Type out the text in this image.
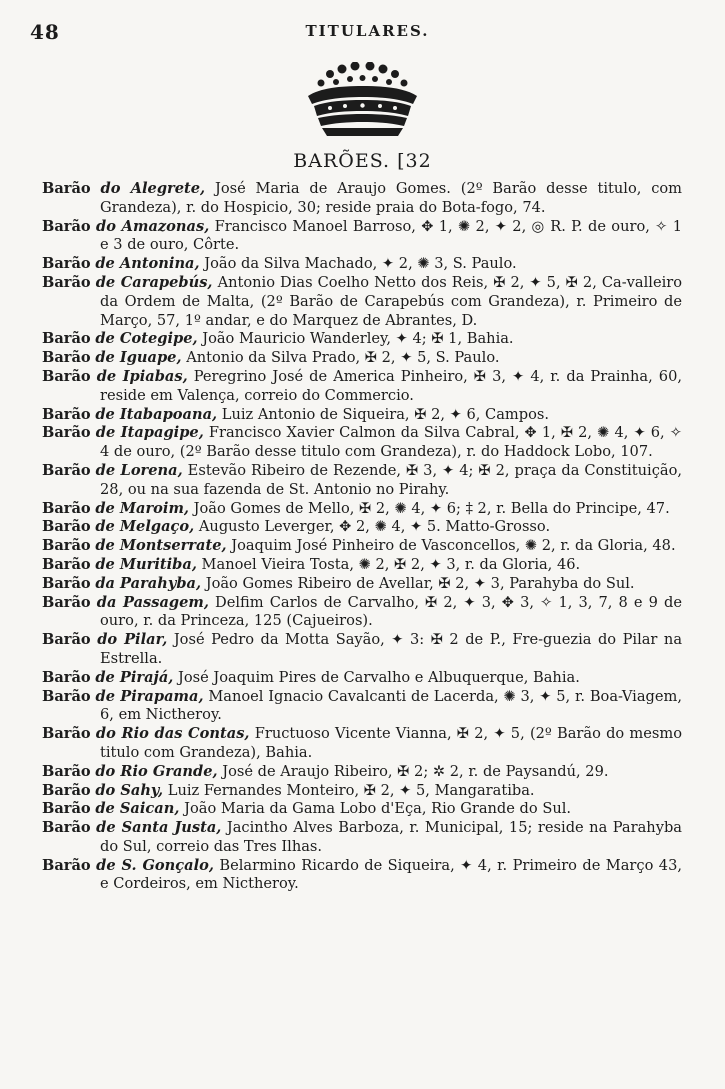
48	TITULARES.
BARÕES. [32

Barão do Alegrete, José Maria de Araujo Gomes. (2º Barão desse titulo, com Grandeza), r. do Hospicio, 30; reside praia do Bota-fogo, 74.

Barão do Amazonas, Francisco Manoel Barroso, ✥ 1, ✺ 2, ✦ 2, ◎ R. P. de ouro, ✧ 1 e 3 de ouro, Côrte.

Barão de Antonina, João da Silva Machado, ✦ 2, ✺ 3, S. Paulo.

Barão de Carapebús, Antonio Dias Coelho Netto dos Reis, ✠ 2, ✦ 5, ✠ 2, Ca-valleiro da Ordem de Malta, (2º Barão de Carapebús com Grandeza), r. Primeiro de Março, 57, 1º andar, e do Marquez de Abrantes, D.

Barão de Cotegipe, João Mauricio Wanderley, ✦ 4; ✠ 1, Bahia.

Barão de Iguape, Antonio da Silva Prado, ✠ 2, ✦ 5, S. Paulo.

Barão de Ipiabas, Peregrino José de America Pinheiro, ✠ 3, ✦ 4, r. da Prainha, 60, reside em Valença, correio do Commercio.

Barão de Itabapoana, Luiz Antonio de Siqueira, ✠ 2, ✦ 6, Campos.

Barão de Itapagipe, Francisco Xavier Calmon da Silva Cabral, ✥ 1, ✠ 2, ✺ 4, ✦ 6, ✧ 4 de ouro, (2º Barão desse titulo com Grandeza), r. do Haddock Lobo, 107.

Barão de Lorena, Estevão Ribeiro de Rezende, ✠ 3, ✦ 4; ✠ 2, praça da Constituição, 28, ou na sua fazenda de St. Antonio no Pirahy.

Barão de Maroim, João Gomes de Mello, ✠ 2, ✺ 4, ✦ 6; ‡ 2, r. Bella do Principe, 47.

Barão de Melgaço, Augusto Leverger, ✥ 2, ✺ 4, ✦ 5. Matto-Grosso.

Barão de Montserrate, Joaquim José Pinheiro de Vasconcellos, ✺ 2, r. da Gloria, 48.

Barão de Muritiba, Manoel Vieira Tosta, ✺ 2, ✠ 2, ✦ 3, r. da Gloria, 46.

Barão da Parahyba, João Gomes Ribeiro de Avellar, ✠ 2, ✦ 3, Parahyba do Sul.

Barão da Passagem, Delfim Carlos de Carvalho, ✠ 2, ✦ 3, ✥ 3, ✧ 1, 3, 7, 8 e 9 de ouro, r. da Princeza, 125 (Cajueiros).

Barão do Pilar, José Pedro da Motta Sayão, ✦ 3: ✠ 2 de P., Fre-guezia do Pilar na Estrella.

Barão de Pirajá, José Joaquim Pires de Carvalho e Albuquerque, Bahia.

Barão de Pirapama, Manoel Ignacio Cavalcanti de Lacerda, ✺ 3, ✦ 5, r. Boa-Viagem, 6, em Nictheroy.

Barão do Rio das Contas, Fructuoso Vicente Vianna, ✠ 2, ✦ 5, (2º Barão do mesmo titulo com Grandeza), Bahia.

Barão do Rio Grande, José de Araujo Ribeiro, ✠ 2; ✲ 2, r. de Paysandú, 29.

Barão do Sahy, Luiz Fernandes Monteiro, ✠ 2, ✦ 5, Mangaratiba.

Barão de Saican, João Maria da Gama Lobo d'Eça, Rio Grande do Sul.

Barão de Santa Justa, Jacintho Alves Barboza, r. Municipal, 15; reside na Parahyba do Sul, correio das Tres Ilhas.

Barão de S. Gonçalo, Belarmino Ricardo de Siqueira, ✦ 4, r. Primeiro de Março 43, e Cordeiros, em Nictheroy.
